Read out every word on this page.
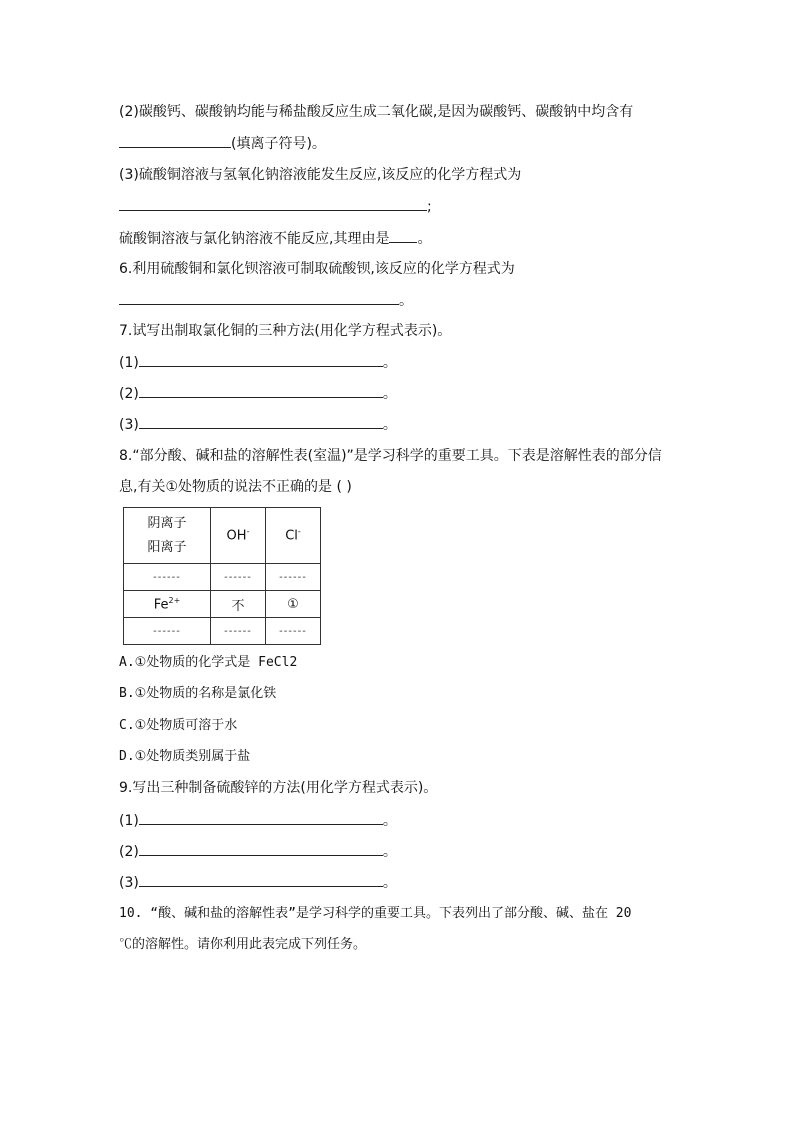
(2)碳酸钙、碳酸钠均能与稀盐酸反应生成二氧化碳,是因为碳酸钙、碳酸钠中均含有
(填离子符号)。
(3)硫酸铜溶液与氢氧化钠溶液能发生反应,该反应的化学方程式为
;
硫酸铜溶液与氯化钠溶液不能反应,其理由是 。
6.利用硫酸铜和氯化钡溶液可制取硫酸钡,该反应的化学方程式为
。
7.试写出制取氯化铜的三种方法(用化学方程式表示)。
(1)	。
(2)	。
(3)	。
8.“部分酸、碱和盐的溶解性表(室温)”是学习科学的重要工具。下表是溶解性表的部分信
息,有关①处物质的说法不正确的是 ( )
阴离子
阳离子	OH-	Cl-
------	------	------
$Fe^{2+}$	不	①
------	------	------
A.①处物质的化学式是 FeCl2
B.①处物质的名称是氯化铁
C.①处物质可溶于水
D.①处物质类别属于盐
9.写出三种制备硫酸锌的方法(用化学方程式表示)。
(1)	。
(2)	。
(3)	。
10. “酸、碱和盐的溶解性表”是学习科学的重要工具。下表列出了部分酸、碱、盐在 20
℃的溶解性。请你利用此表完成下列任务。
